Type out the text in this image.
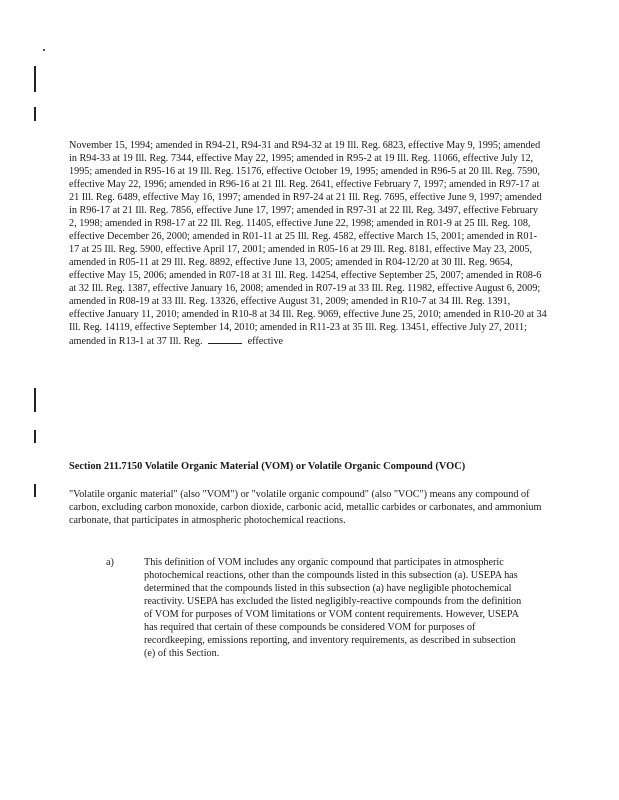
November 15, 1994; amended in R94-21, R94-31 and R94-32 at 19 Ill. Reg. 6823, effective May 9, 1995; amended in R94-33 at 19 Ill. Reg. 7344, effective May 22, 1995; amended in R95-2 at 19 Ill. Reg. 11066, effective July 12, 1995; amended in R95-16 at 19 Ill. Reg. 15176, effective October 19, 1995; amended in R96-5 at 20 Ill. Reg. 7590, effective May 22, 1996; amended in R96-16 at 21 Ill. Reg. 2641, effective February 7, 1997; amended in R97-17 at 21 Ill. Reg. 6489, effective May 16, 1997; amended in R97-24 at 21 Ill. Reg. 7695, effective June 9, 1997; amended in R96-17 at 21 Ill. Reg. 7856, effective June 17, 1997; amended in R97-31 at 22 Ill. Reg. 3497, effective February 2, 1998; amended in R98-17 at 22 Ill. Reg. 11405, effective June 22, 1998; amended in R01-9 at 25 Ill. Reg. 108, effective December 26, 2000; amended in R01-11 at 25 Ill. Reg. 4582, effective March 15, 2001; amended in R01-17 at 25 Ill. Reg. 5900, effective April 17, 2001; amended in R05-16 at 29 Ill. Reg. 8181, effective May 23, 2005, amended in R05-11 at 29 Ill. Reg. 8892, effective June 13, 2005; amended in R04-12/20 at 30 Ill. Reg. 9654, effective May 15, 2006; amended in R07-18 at 31 Ill. Reg. 14254, effective September 25, 2007; amended in R08-6 at 32 Ill. Reg. 1387, effective January 16, 2008; amended in R07-19 at 33 Ill. Reg. 11982, effective August 6, 2009; amended in R08-19 at 33 Ill. Reg. 13326, effective August 31, 2009; amended in R10-7 at 34 Ill. Reg. 1391, effective January 11, 2010; amended in R10-8 at 34 Ill. Reg. 9069, effective June 25, 2010; amended in R10-20 at 34 Ill. Reg. 14119, effective September 14, 2010; amended in R11-23 at 35 Ill. Reg. 13451, effective July 27, 2011; amended in R13-1 at 37 Ill. Reg.	effective
Section 211.7150 Volatile Organic Material (VOM) or Volatile Organic Compound (VOC)
"Volatile organic material" (also "VOM") or "volatile organic compound" (also "VOC") means any compound of carbon, excluding carbon monoxide, carbon dioxide, carbonic acid, metallic carbides or carbonates, and ammonium carbonate, that participates in atmospheric photochemical reactions.
a)	This definition of VOM includes any organic compound that participates in atmospheric photochemical reactions, other than the compounds listed in this subsection (a). USEPA has determined that the compounds listed in this subsection (a) have negligible photochemical reactivity. USEPA has excluded the listed negligibly-reactive compounds from the definition of VOM for purposes of VOM limitations or VOM content requirements. However, USEPA has required that certain of these compounds be considered VOM for purposes of recordkeeping, emissions reporting, and inventory requirements, as described in subsection (e) of this Section.
